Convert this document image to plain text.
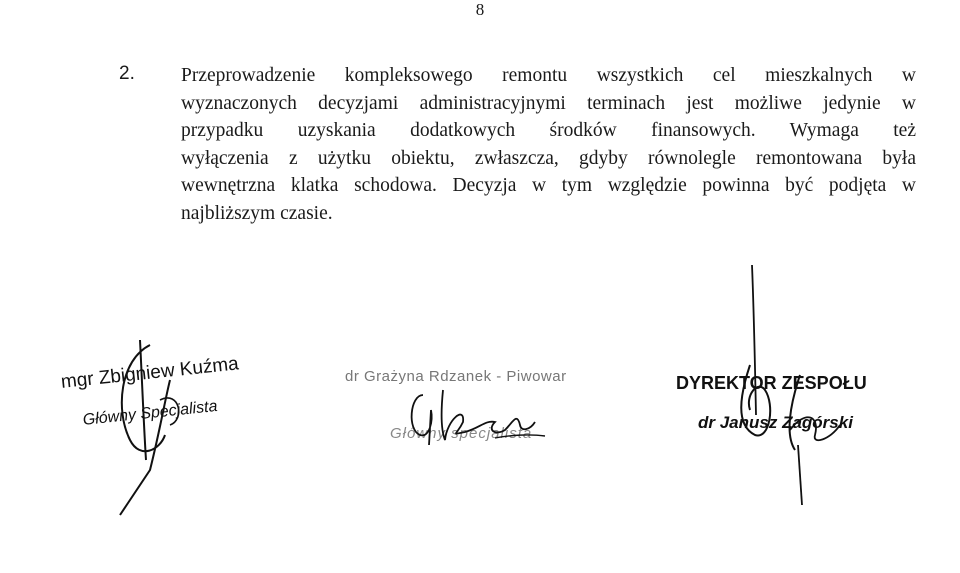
8
2. Przeprowadzenie kompleksowego remontu wszystkich cel mieszkalnych w
wyznaczonych decyzjami administracyjnymi terminach jest możliwe jedynie w
przypadku uzyskania dodatkowych środków finansowych. Wymaga też
wyłączenia z użytku obiektu, zwłaszcza, gdyby równolegle remontowana była
wewnętrzna klatka schodowa. Decyzja w tym względzie powinna być podjęta w
najbliższym czasie.
mgr Zbigniew Kuźma
Główny Specjalista
dr Grażyna Rdzanek - Piwowar
Główny specjalista
DYREKTOR ZESPOŁU
dr Janusz Zagórski
